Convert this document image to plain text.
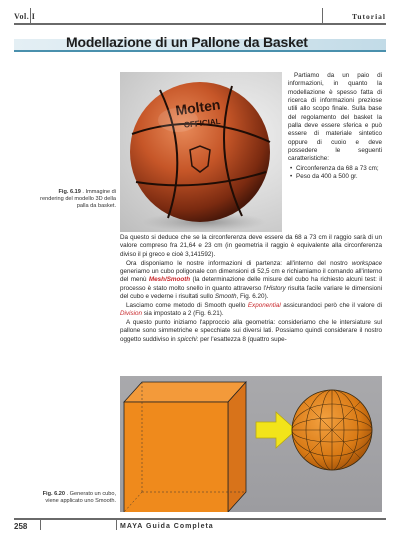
Vol. I	Tutorial
Modellazione di un Pallone da Basket
Molten
OFFICIAL
Fig. 6.19 . Immagine di rendering del modello 3D della palla da basket.

Partiamo da un paio di informazioni, in quanto la modellazione è spesso fatta di ricerca di informazioni preziose utili allo scopo finale. Sulla base del regolamento del basket la palla deve essere sferica e può essere di materiale sintetico oppure di cuoio e deve possedere le seguenti caratteristiche:

• Circonferenza da 68 a 73 cm;
• Peso da 400 a 500 gr.

Da questo si deduce che se la circonferenza deve essere da 68 a 73 cm il raggio sarà di un valore compreso fra 21,64 e 23 cm (in geometria il raggio è equivalente alla circonferenza diviso il pi greco e cioè 3,141592).

Ora disponiamo le nostre informazioni di partenza: all'interno del nostro workspace generiamo un cubo poligonale con dimensioni di 52,5 cm e richiamiamo il comando all'interno del menù Mesh/Smooth (la determinazione delle misure del cubo ha richiesto alcuni test: il processo è stato molto snello in quanto attraverso l'History risulta facile variare le dimensioni del cubo e vederne i risultati sullo Smooth, Fig. 6.20).

Lasciamo come metodo di Smooth quello Exponential assicurandoci però che il valore di Division sia impostato a 2 (Fig. 6.21).

A questo punto iniziamo l'approccio alla geometria: consideriamo che le intersiature sul pallone sono simmetriche e specchiate sui diversi lati. Possiamo quindi considerare il nostro oggetto suddiviso in spicchi: per l'esattezza 8 (quattro supe-

Fig. 6.20 . Generato un cubo, viene applicato uno Smooth.
258	MAYA Guida Completa
